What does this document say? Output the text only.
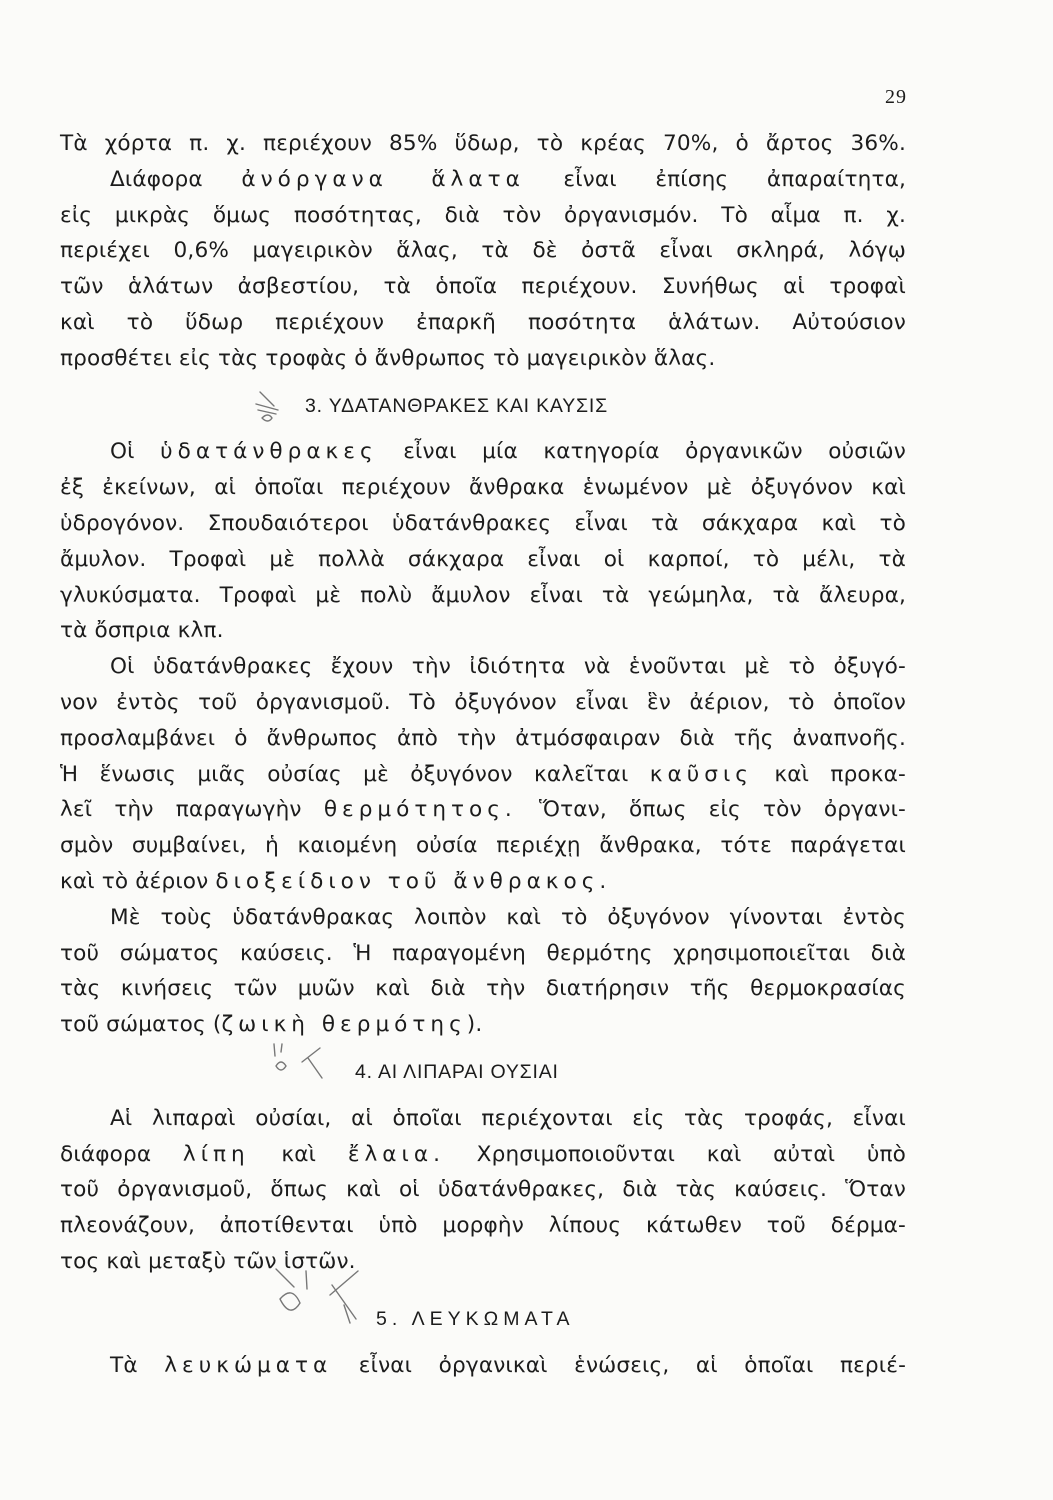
29

Τὰ χόρτα π. χ. περιέχουν 85% ὕδωρ, τὸ κρέας 70%, ὁ ἄρτος 36%.

Διάφορα ἀνόργανα ἅλατα εἶναι ἐπίσης ἀπαραίτητα,
εἰς μικρὰς ὅμως ποσότητας, διὰ τὸν ὀργανισμόν. Τὸ αἷμα π. χ.
περιέχει 0,6% μαγειρικὸν ἅλας, τὰ δὲ ὀστᾶ εἶναι σκληρά, λόγῳ
τῶν ἁλάτων ἀσβεστίου, τὰ ὁποῖα περιέχουν. Συνήθως αἱ τροφαὶ
καὶ τὸ ὕδωρ περιέχουν ἐπαρκῆ ποσότητα ἁλάτων. Αὐτούσιον
προσθέτει εἰς τὰς τροφὰς ὁ ἄνθρωπος τὸ μαγειρικὸν ἅλας.

3. ΥΔΑΤΑΝΘΡΑΚΕΣ ΚΑΙ ΚΑΥΣΙΣ

Οἱ ὑδατάνθρακες εἶναι μία κατηγορία ὀργανικῶν οὐσιῶν
ἐξ ἐκείνων, αἱ ὁποῖαι περιέχουν ἄνθρακα ἑνωμένον μὲ ὀξυγόνον καὶ
ὑδρογόνον. Σπουδαιότεροι ὑδατάνθρακες εἶναι τὰ σάκχαρα καὶ τὸ
ἄμυλον. Τροφαὶ μὲ πολλὰ σάκχαρα εἶναι οἱ καρποί, τὸ μέλι, τὰ
γλυκύσματα. Τροφαὶ μὲ πολὺ ἄμυλον εἶναι τὰ γεώμηλα, τὰ ἄλευρα,
τὰ ὄσπρια κλπ.

Οἱ ὑδατάνθρακες ἔχουν τὴν ἰδιότητα νὰ ἑνοῦνται μὲ τὸ ὀξυγό-
νον ἐντὸς τοῦ ὀργανισμοῦ. Τὸ ὀξυγόνον εἶναι ἓν ἀέριον, τὸ ὁποῖον
προσλαμβάνει ὁ ἄνθρωπος ἀπὸ τὴν ἀτμόσφαιραν διὰ τῆς ἀναπνοῆς.
Ἡ ἕνωσις μιᾶς οὐσίας μὲ ὀξυγόνον καλεῖται καῦσις καὶ προκα-
λεῖ τὴν παραγωγὴν θερμότητος. Ὅταν, ὅπως εἰς τὸν ὀργανι-
σμὸν συμβαίνει, ἡ καιομένη οὐσία περιέχῃ ἄνθρακα, τότε παράγεται
καὶ τὸ ἀέριον διοξείδιον τοῦ ἄνθρακος.

Μὲ τοὺς ὑδατάνθρακας λοιπὸν καὶ τὸ ὀξυγόνον γίνονται ἐντὸς
τοῦ σώματος καύσεις. Ἡ παραγομένη θερμότης χρησιμοποιεῖται διὰ
τὰς κινήσεις τῶν μυῶν καὶ διὰ τὴν διατήρησιν τῆς θερμοκρασίας
τοῦ σώματος (ζωικὴ θερμότης).

4. ΑΙ ΛΙΠΑΡΑΙ ΟΥΣΙΑΙ

Αἱ λιπαραὶ οὐσίαι, αἱ ὁποῖαι περιέχονται εἰς τὰς τροφάς, εἶναι
διάφορα λίπη καὶ ἔλαια. Χρησιμοποιοῦνται καὶ αὐταὶ ὑπὸ
τοῦ ὀργανισμοῦ, ὅπως καὶ οἱ ὑδατάνθρακες, διὰ τὰς καύσεις. Ὅταν
πλεονάζουν, ἀποτίθενται ὑπὸ μορφὴν λίπους κάτωθεν τοῦ δέρμα-
τος καὶ μεταξὺ τῶν ἱστῶν.

5. ΛΕΥΚΩΜΑΤΑ

Τὰ λευκώματα εἶναι ὀργανικαὶ ἑνώσεις, αἱ ὁποῖαι περιέ-
